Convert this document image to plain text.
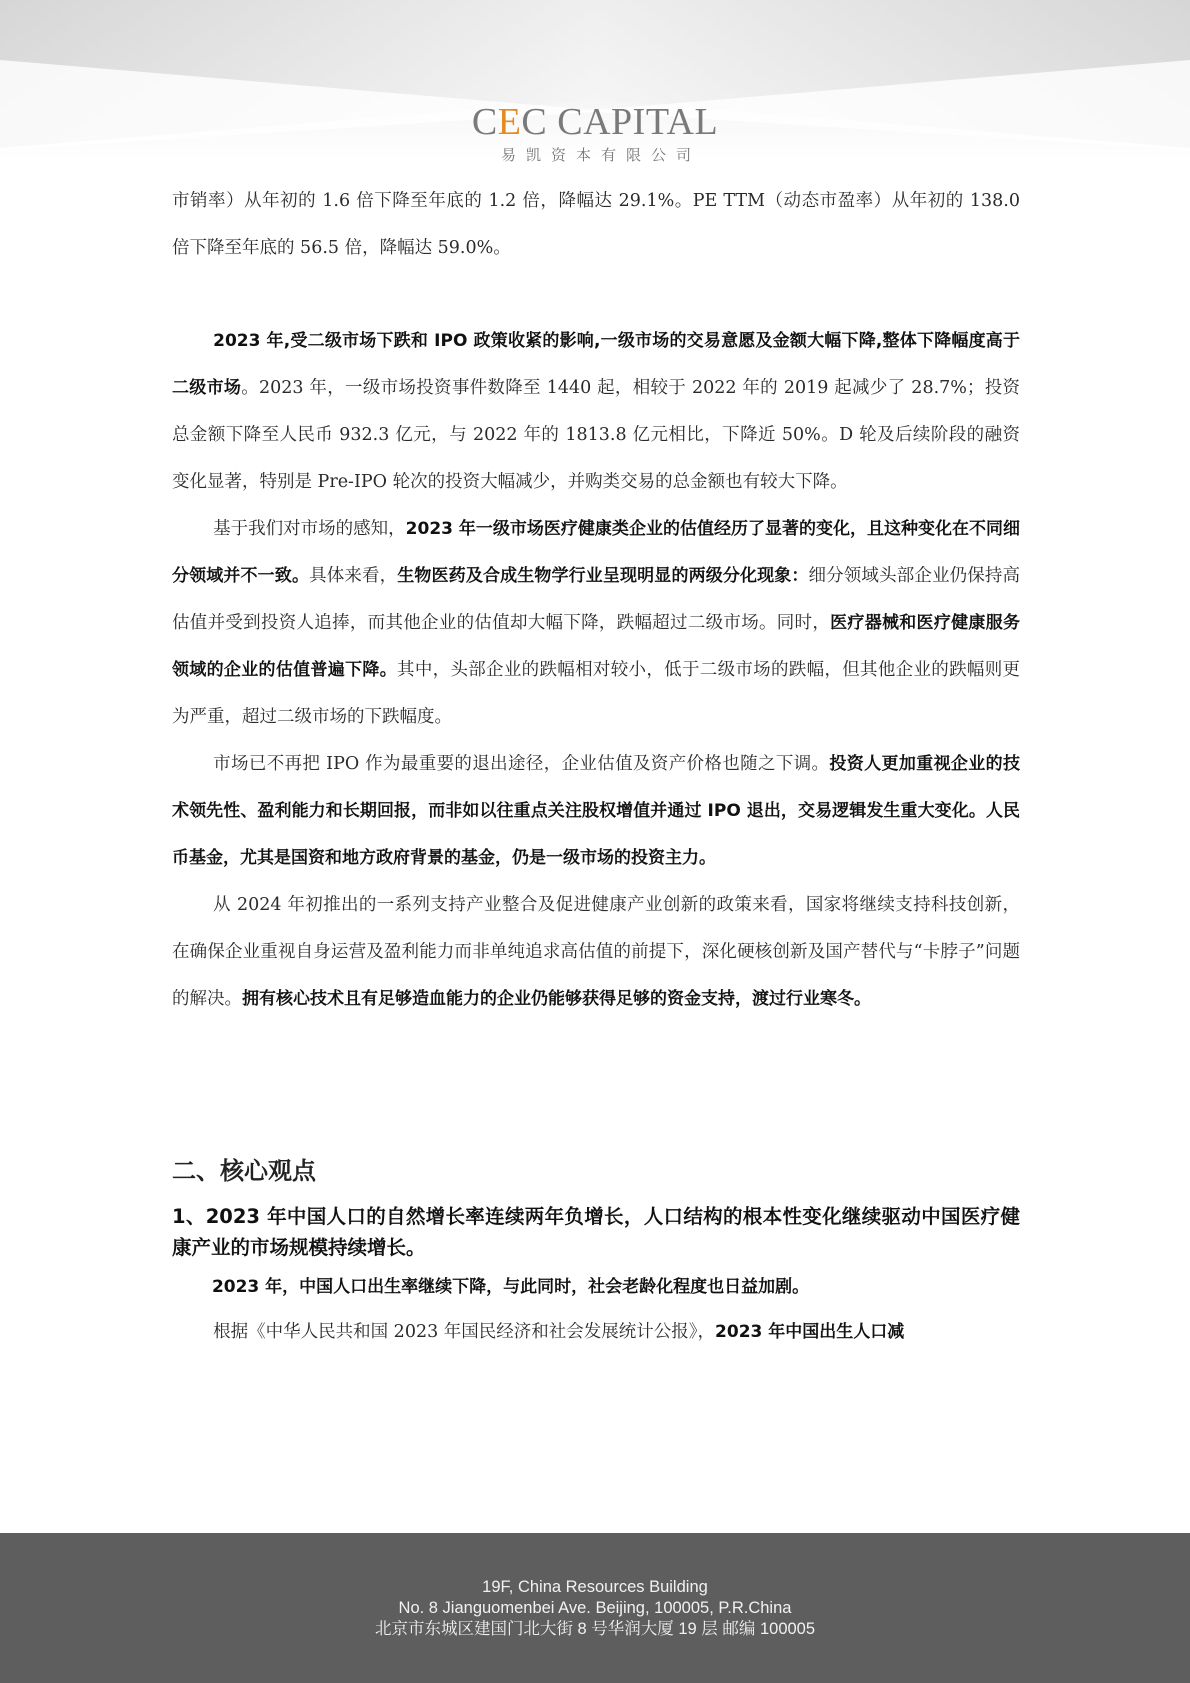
CEC CAPITAL
易凯资本有限公司

市销率）从年初的 1.6 倍下降至年底的 1.2 倍，降幅达 29.1%。PE TTM（动态市盈率）从年初的 138.0 倍下降至年底的 56.5 倍，降幅达 59.0%。

2023 年,受二级市场下跌和 IPO 政策收紧的影响,一级市场的交易意愿及金额大幅下降,整体下降幅度高于二级市场。2023 年，一级市场投资事件数降至 1440 起，相较于 2022 年的 2019 起减少了 28.7%；投资总金额下降至人民币 932.3 亿元，与 2022 年的 1813.8 亿元相比，下降近 50%。D 轮及后续阶段的融资变化显著，特别是 Pre-IPO 轮次的投资大幅减少，并购类交易的总金额也有较大下降。

基于我们对市场的感知，2023 年一级市场医疗健康类企业的估值经历了显著的变化，且这种变化在不同细分领域并不一致。具体来看，生物医药及合成生物学行业呈现明显的两级分化现象：细分领域头部企业仍保持高估值并受到投资人追捧，而其他企业的估值却大幅下降，跌幅超过二级市场。同时，医疗器械和医疗健康服务领域的企业的估值普遍下降。其中，头部企业的跌幅相对较小，低于二级市场的跌幅，但其他企业的跌幅则更为严重，超过二级市场的下跌幅度。

市场已不再把 IPO 作为最重要的退出途径，企业估值及资产价格也随之下调。投资人更加重视企业的技术领先性、盈利能力和长期回报，而非如以往重点关注股权增值并通过 IPO 退出，交易逻辑发生重大变化。人民币基金，尤其是国资和地方政府背景的基金，仍是一级市场的投资主力。

从 2024 年初推出的一系列支持产业整合及促进健康产业创新的政策来看，国家将继续支持科技创新，在确保企业重视自身运营及盈利能力而非单纯追求高估值的前提下，深化硬核创新及国产替代与“卡脖子”问题的解决。拥有核心技术且有足够造血能力的企业仍能够获得足够的资金支持，渡过行业寒冬。

二、核心观点

1、2023 年中国人口的自然增长率连续两年负增长，人口结构的根本性变化继续驱动中国医疗健康产业的市场规模持续增长。

2023 年，中国人口出生率继续下降，与此同时，社会老龄化程度也日益加剧。

根据《中华人民共和国 2023 年国民经济和社会发展统计公报》，2023 年中国出生人口减

19F, China Resources Building
No. 8 Jianguomenbei Ave. Beijing, 100005, P.R.China
北京市东城区建国门北大街 8 号华润大厦 19 层 邮编 100005
